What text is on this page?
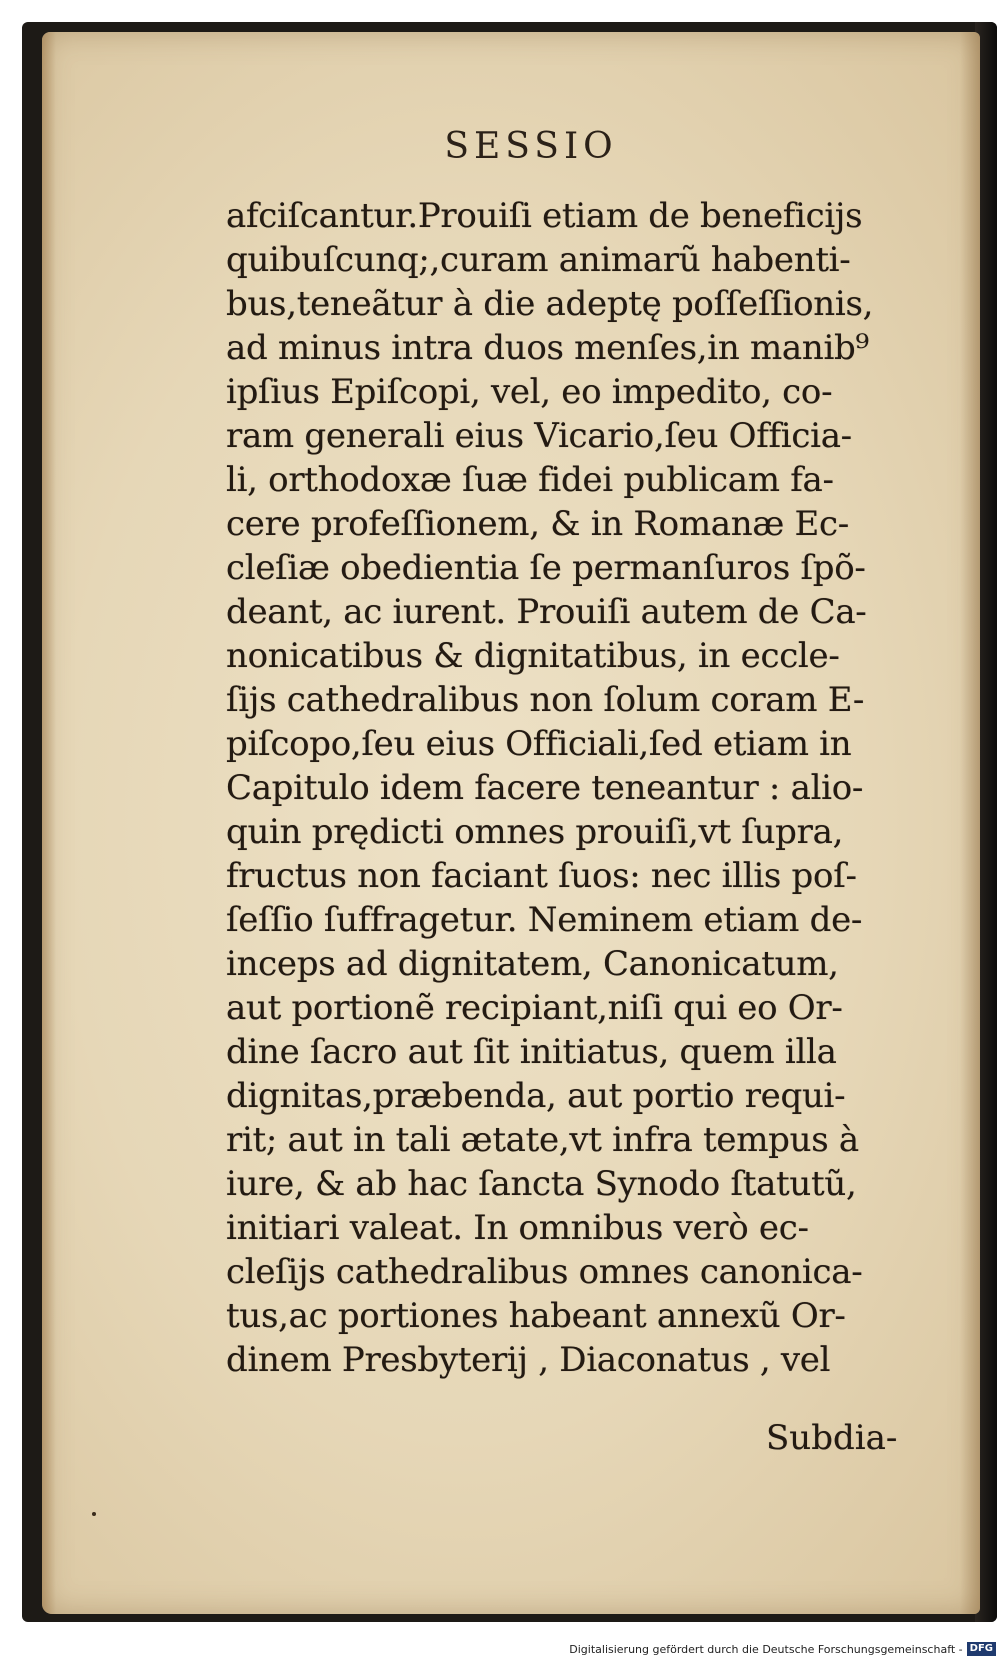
SESSIO
afciſcantur.Prouiſi etiam de beneficijs
quibuſcunq;,curam animarũ habenti-
bus,teneãtur à die adeptę poſſeſſionis,
ad minus intra duos menſes,in manib⁹
ipſius Epiſcopi, vel, eo impedito, co-
ram generali eius Vicario,ſeu Officia-
li, orthodoxæ ſuæ fidei publicam fa-
cere profeſſionem, & in Romanæ Ec-
cleſiæ obedientia ſe permanſuros ſpõ-
deant, ac iurent. Prouiſi autem de Ca-
nonicatibus & dignitatibus, in eccle-
ſijs cathedralibus non ſolum coram E-
piſcopo,ſeu eius Officiali,ſed etiam in
Capitulo idem facere teneantur : alio-
quin prędicti omnes prouiſi,vt ſupra,
fructus non faciant ſuos: nec illis poſ-
ſeſſio ſuffragetur. Neminem etiam de-
inceps ad dignitatem, Canonicatum,
aut portionẽ recipiant,niſi qui eo Or-
dine ſacro aut ſit initiatus, quem illa
dignitas,præbenda, aut portio requi-
rit; aut in tali ætate,vt infra tempus à
iure, & ab hac ſancta Synodo ſtatutũ,
initiari valeat. In omnibus verò ec-
cleſijs cathedralibus omnes canonica-
tus,ac portiones habeant annexũ Or-
dinem Presbyterij , Diaconatus , vel
Subdia-
Digitalisierung gefördert durch die Deutsche Forschungsgemeinschaft - DFG
